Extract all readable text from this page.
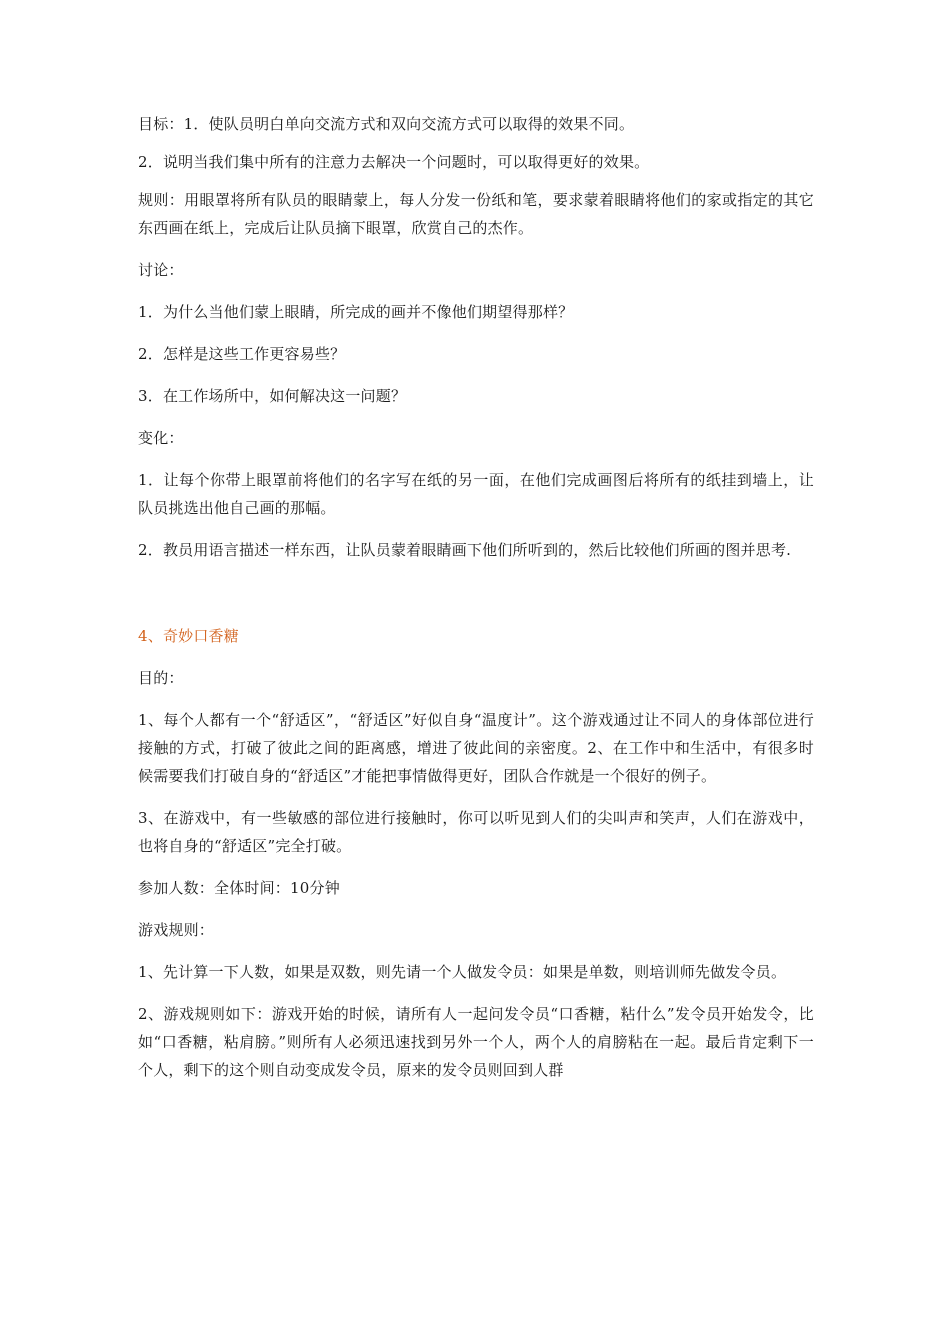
目标：1．使队员明白单向交流方式和双向交流方式可以取得的效果不同。

2．说明当我们集中所有的注意力去解决一个问题时，可以取得更好的效果。

规则：用眼罩将所有队员的眼睛蒙上，每人分发一份纸和笔，要求蒙着眼睛将他们的家或指定的其它东西画在纸上，完成后让队员摘下眼罩，欣赏自己的杰作。

讨论：

1．为什么当他们蒙上眼睛，所完成的画并不像他们期望得那样？

2．怎样是这些工作更容易些？

3．在工作场所中，如何解决这一问题？

变化：

1．让每个你带上眼罩前将他们的名字写在纸的另一面，在他们完成画图后将所有的纸挂到墙上，让队员挑选出他自己画的那幅。

2．教员用语言描述一样东西，让队员蒙着眼睛画下他们所听到的，然后比较他们所画的图并思考.

4、奇妙口香糖

目的：

1、每个人都有一个“舒适区”，“舒适区”好似自身“温度计”。这个游戏通过让不同人的身体部位进行接触的方式，打破了彼此之间的距离感，增进了彼此间的亲密度。2、在工作中和生活中，有很多时候需要我们打破自身的“舒适区”才能把事情做得更好，团队合作就是一个很好的例子。

3、在游戏中，有一些敏感的部位进行接触时，你可以听见到人们的尖叫声和笑声，人们在游戏中，也将自身的“舒适区”完全打破。

参加人数：全体时间：10分钟

游戏规则：

1、先计算一下人数，如果是双数，则先请一个人做发令员：如果是单数，则培训师先做发令员。

2、游戏规则如下：游戏开始的时候，请所有人一起问发令员“口香糖，粘什么”发令员开始发令，比如“口香糖，粘肩膀。”则所有人必须迅速找到另外一个人，两个人的肩膀粘在一起。最后肯定剩下一个人，剩下的这个则自动变成发令员，原来的发令员则回到人群
